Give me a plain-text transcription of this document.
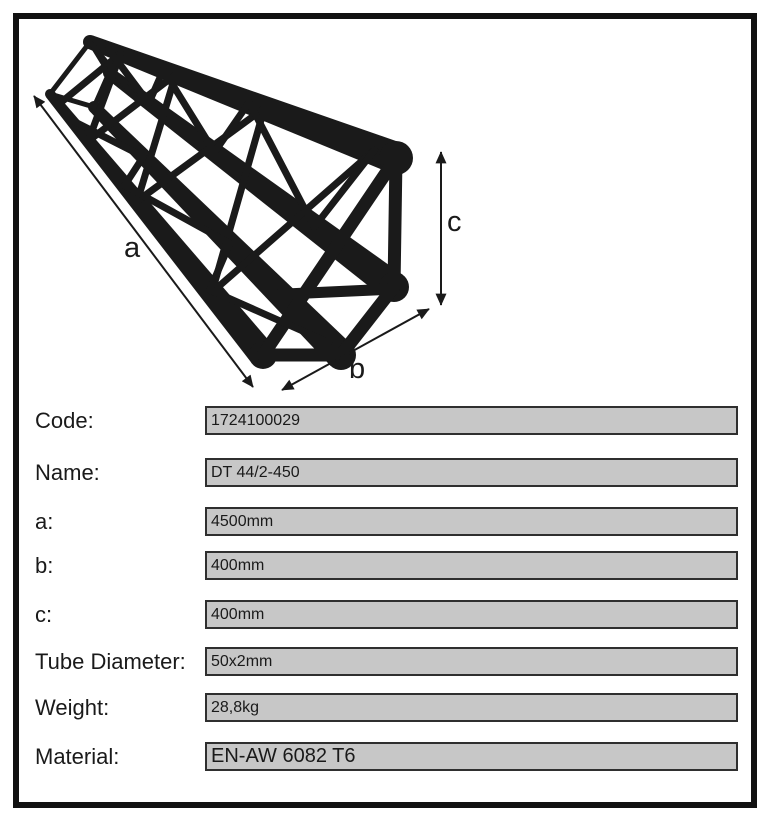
a
b
c
Code:	1724100029
Name:	DT 44/2-450
a:	4500mm
b:	400mm
c:	400mm
Tube Diameter: 50x2mm
Weight:	28,8kg
Material:	EN-AW 6082 T6
